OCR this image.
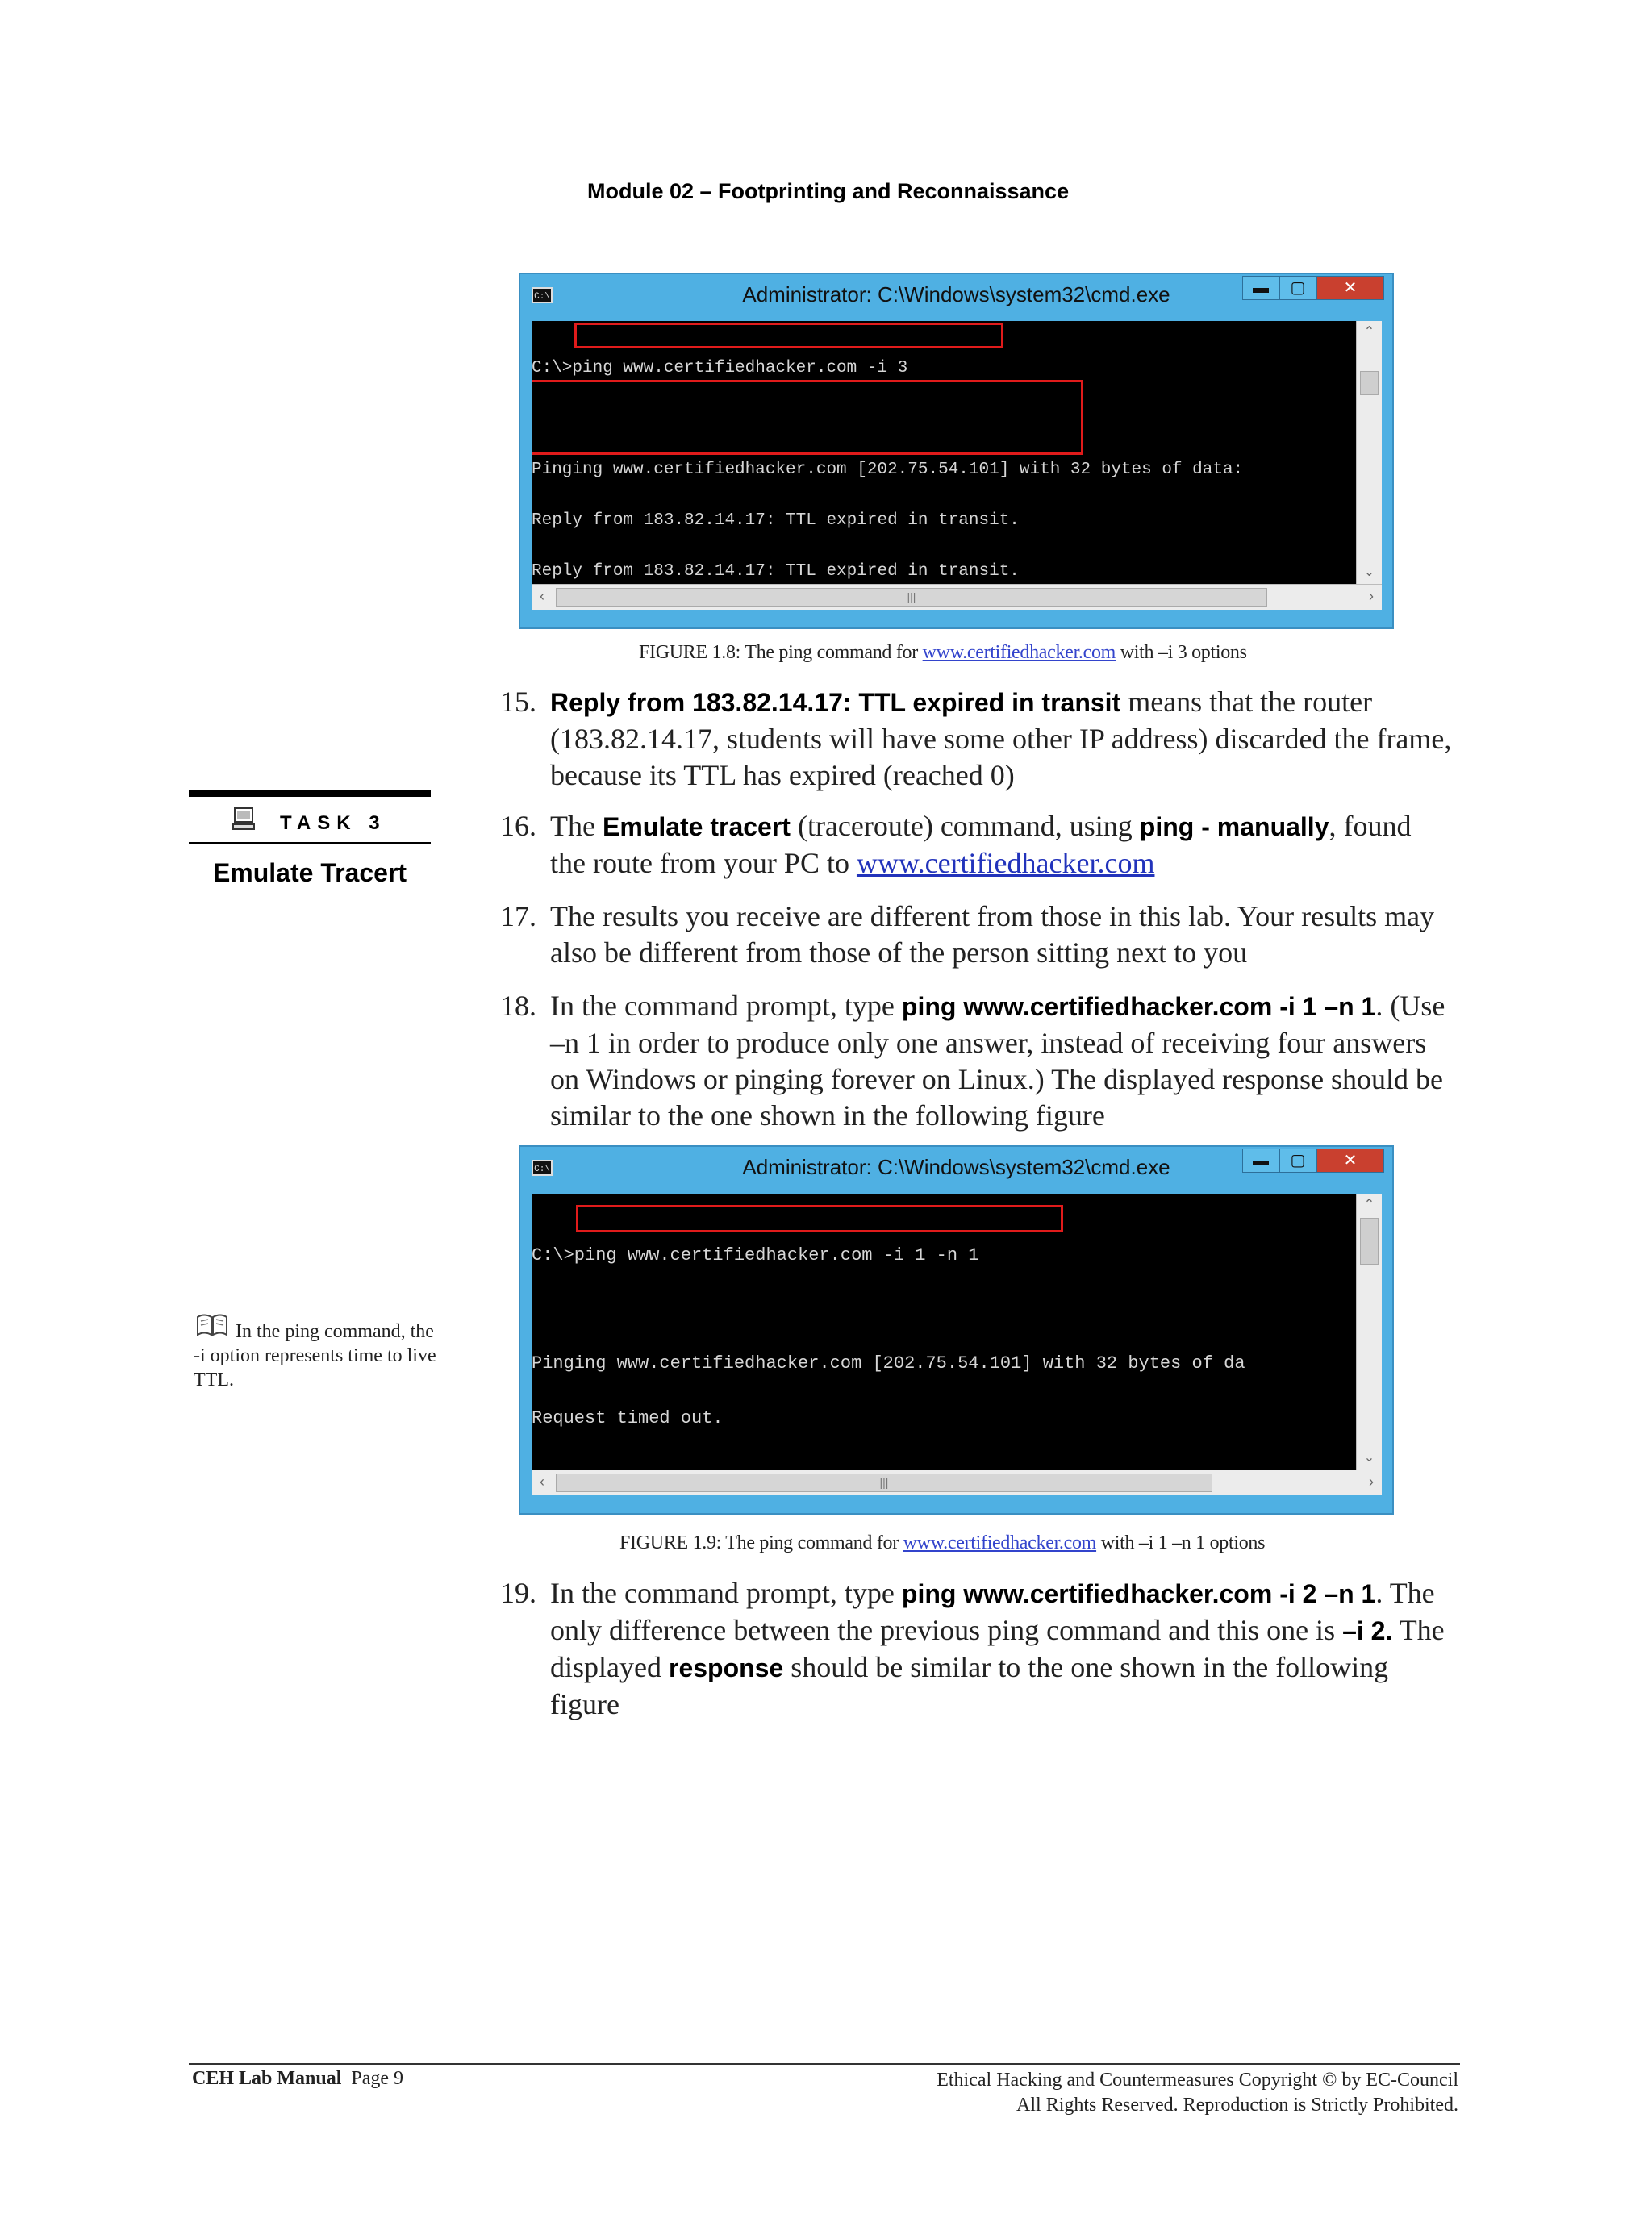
Module 02 – Footprinting and Reconnaissance
C:\	Administrator: C:\Windows\system32\cmd.exe	▬	▢	✕

C:\>ping www.certifiedhacker.com -i 3

Pinging www.certifiedhacker.com [202.75.54.101] with 32 bytes of data:

Reply from 183.82.14.17: TTL expired in transit.

Reply from 183.82.14.17: TTL expired in transit.

⌃
⌄
‹	|||	›
FIGURE 1.8: The ping command for www.certifiedhacker.com with –i 3 options
15. Reply from 183.82.14.17: TTL expired in transit means that the router (183.82.14.17, students will have some other IP address) discarded the frame, because its TTL has expired (reached 0)
TASK 3
Emulate Tracert
16. The Emulate tracert (traceroute) command, using ping - manually, found the route from your PC to www.certifiedhacker.com
17. The results you receive are different from those in this lab. Your results may also be different from those of the person sitting next to you
18. In the command prompt, type ping www.certifiedhacker.com -i 1 –n 1. (Use –n 1 in order to produce only one answer, instead of receiving four answers on Windows or pinging forever on Linux.) The displayed response should be similar to the one shown in the following figure
C:\	Administrator: C:\Windows\system32\cmd.exe	▬	▢	✕

C:\>ping www.certifiedhacker.com -i 1 -n 1

Pinging www.certifiedhacker.com [202.75.54.101] with 32 bytes of da

Request timed out.

⌃
⌄
‹	|||	›
In the ping command, the -i option represents time to live TTL.
FIGURE 1.9: The ping command for www.certifiedhacker.com with –i 1 –n 1 options
19. In the command prompt, type ping www.certifiedhacker.com -i 2 –n 1. The only difference between the previous ping command and this one is –i 2. The displayed response should be similar to the one shown in the following figure
CEH Lab Manual Page 9	Ethical Hacking and Countermeasures Copyright © by EC-Council
All Rights Reserved. Reproduction is Strictly Prohibited.
